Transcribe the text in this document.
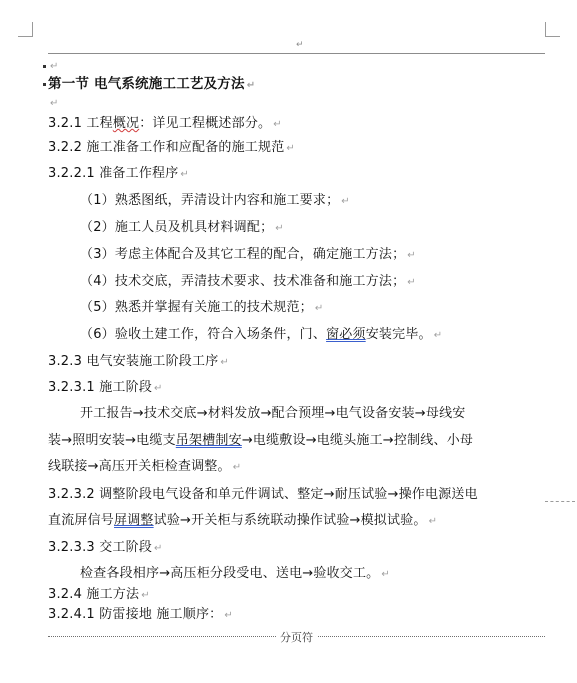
↵
↵
第一节 电气系统施工工艺及方法 ↵
↵
3.2.1 工程概况：详见工程概述部分。 ↵
3.2.2 施工准备工作和应配备的施工规范 ↵
3.2.2.1 准备工作程序 ↵
（1）熟悉图纸，弄清设计内容和施工要求； ↵
（2）施工人员及机具材料调配； ↵
（3）考虑主体配合及其它工程的配合，确定施工方法； ↵
（4）技术交底，弄清技术要求、技术准备和施工方法； ↵
（5）熟悉并掌握有关施工的技术规范； ↵
（6）验收土建工作，符合入场条件，门、窗必须安装完毕。 ↵
3.2.3 电气安装施工阶段工序 ↵
3.2.3.1 施工阶段 ↵
开工报告→技术交底→材料发放→配合预埋→电气设备安装→母线安
装→照明安装→电缆支吊架槽制安→电缆敷设→电缆头施工→控制线、小母
线联接→高压开关柜检查调整。 ↵
3.2.3.2 调整阶段电气设备和单元件调试、整定→耐压试验→操作电源送电
直流屏信号屏调整试验→开关柜与系统联动操作试验→模拟试验。 ↵
3.2.3.3 交工阶段 ↵
检查各段相序→高压柜分段受电、送电→验收交工。 ↵
3.2.4 施工方法 ↵
3.2.4.1 防雷接地 施工顺序： ↵
分页符
